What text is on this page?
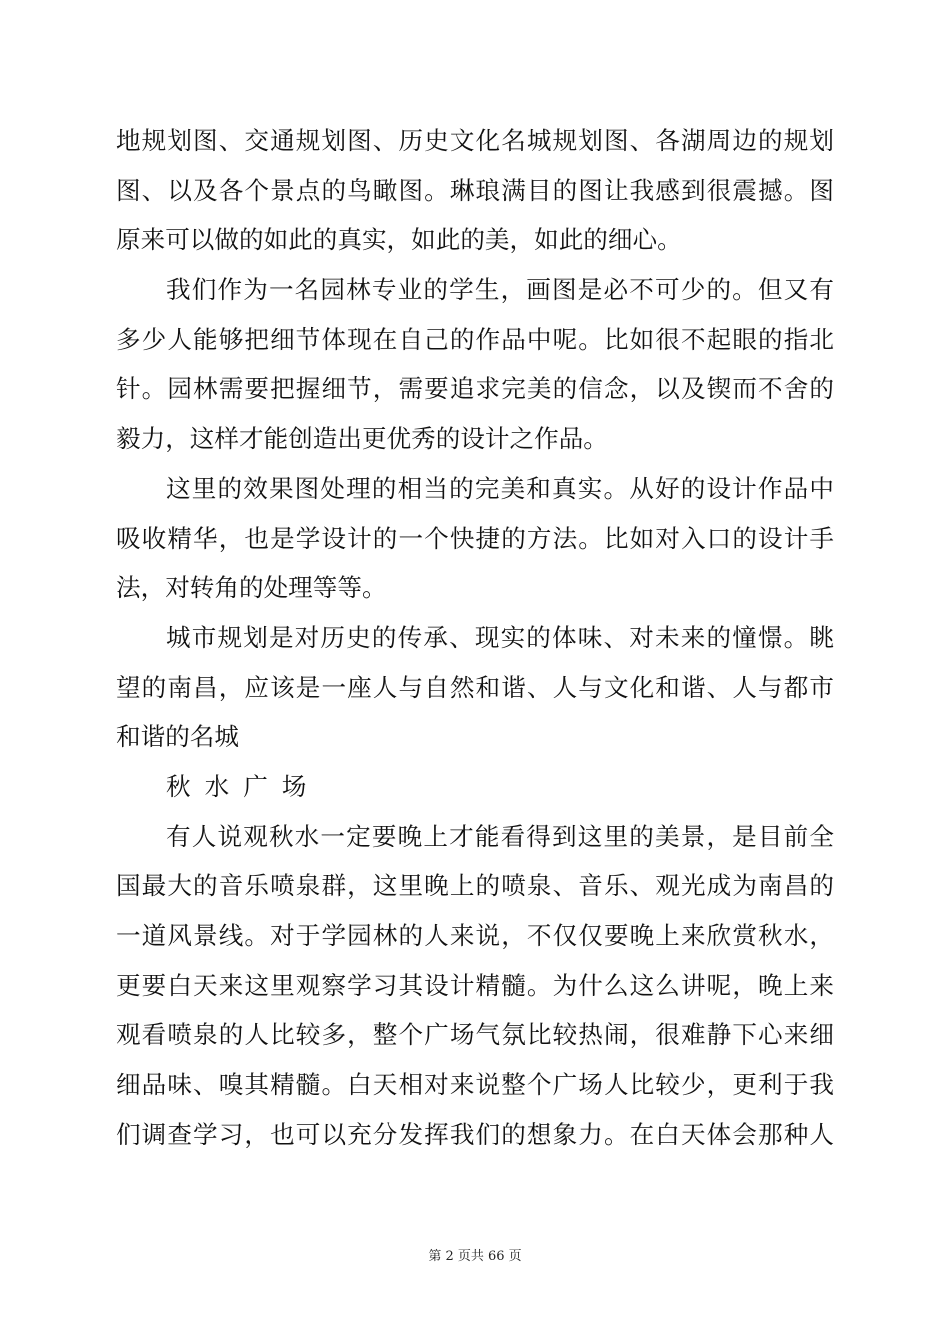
地规划图、交通规划图、历史文化名城规划图、各湖周边的规划
图、以及各个景点的鸟瞰图。琳琅满目的图让我感到很震撼。图
原来可以做的如此的真实，如此的美，如此的细心。
我们作为一名园林专业的学生，画图是必不可少的。但又有
多少人能够把细节体现在自己的作品中呢。比如很不起眼的指北
针。园林需要把握细节，需要追求完美的信念，以及锲而不舍的
毅力，这样才能创造出更优秀的设计之作品。
这里的效果图处理的相当的完美和真实。从好的设计作品中
吸收精华，也是学设计的一个快捷的方法。比如对入口的设计手
法，对转角的处理等等。
城市规划是对历史的传承、现实的体味、对未来的憧憬。眺
望的南昌，应该是一座人与自然和谐、人与文化和谐、人与都市
和谐的名城
秋水广场
有人说观秋水一定要晚上才能看得到这里的美景，是目前全
国最大的音乐喷泉群，这里晚上的喷泉、音乐、观光成为南昌的
一道风景线。对于学园林的人来说，不仅仅要晚上来欣赏秋水，
更要白天来这里观察学习其设计精髓。为什么这么讲呢，晚上来
观看喷泉的人比较多，整个广场气氛比较热闹，很难静下心来细
细品味、嗅其精髓。白天相对来说整个广场人比较少，更利于我
们调查学习，也可以充分发挥我们的想象力。在白天体会那种人
第 2 页共 66 页
